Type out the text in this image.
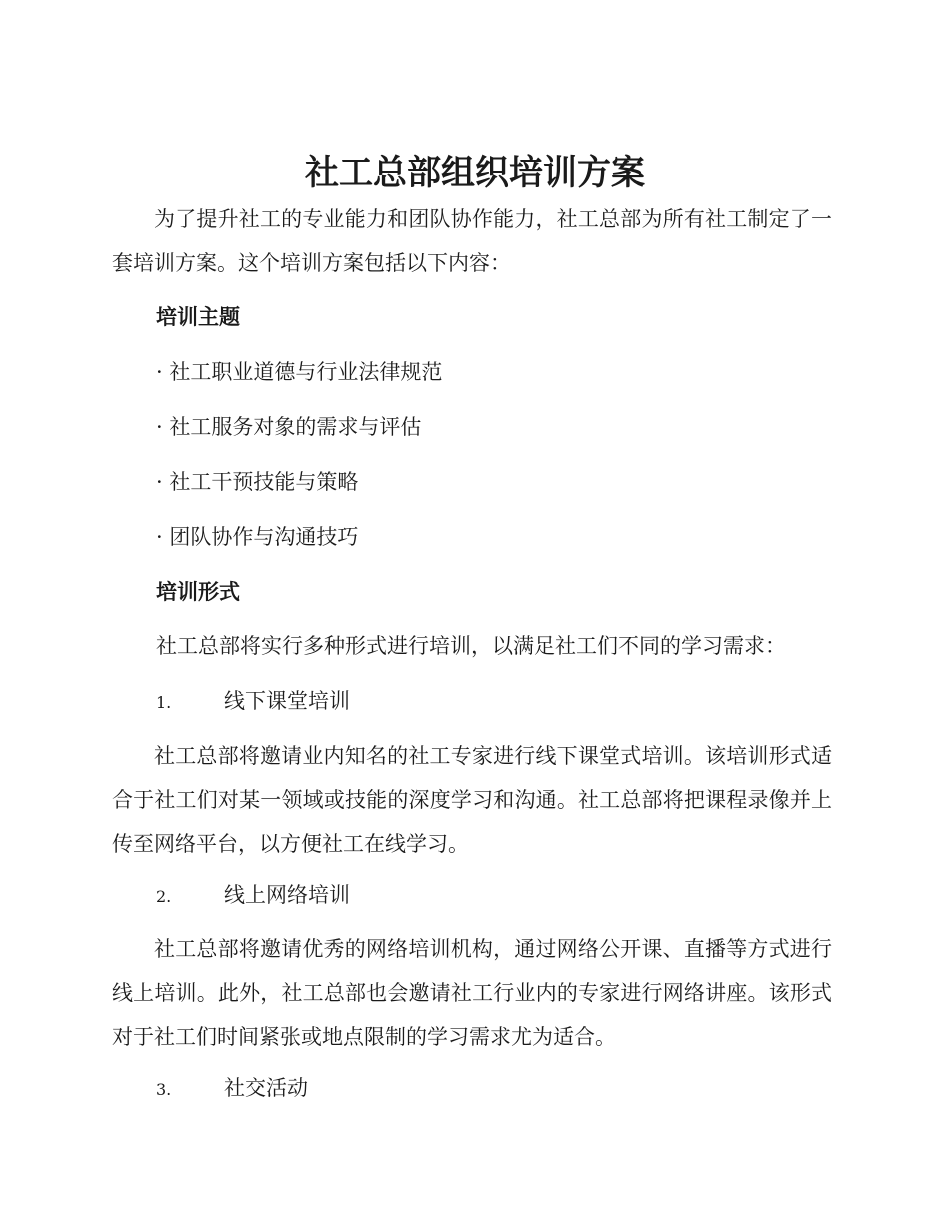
社工总部组织培训方案

为了提升社工的专业能力和团队协作能力，社工总部为所有社工制定了一套培训方案。这个培训方案包括以下内容：

培训主题

· 社工职业道德与行业法律规范

· 社工服务对象的需求与评估

· 社工干预技能与策略

· 团队协作与沟通技巧

培训形式

社工总部将实行多种形式进行培训，以满足社工们不同的学习需求：

1.	线下课堂培训

社工总部将邀请业内知名的社工专家进行线下课堂式培训。该培训形式适合于社工们对某一领域或技能的深度学习和沟通。社工总部将把课程录像并上传至网络平台，以方便社工在线学习。

2.	线上网络培训

社工总部将邀请优秀的网络培训机构，通过网络公开课、直播等方式进行线上培训。此外，社工总部也会邀请社工行业内的专家进行网络讲座。该形式对于社工们时间紧张或地点限制的学习需求尤为适合。

3.	社交活动
